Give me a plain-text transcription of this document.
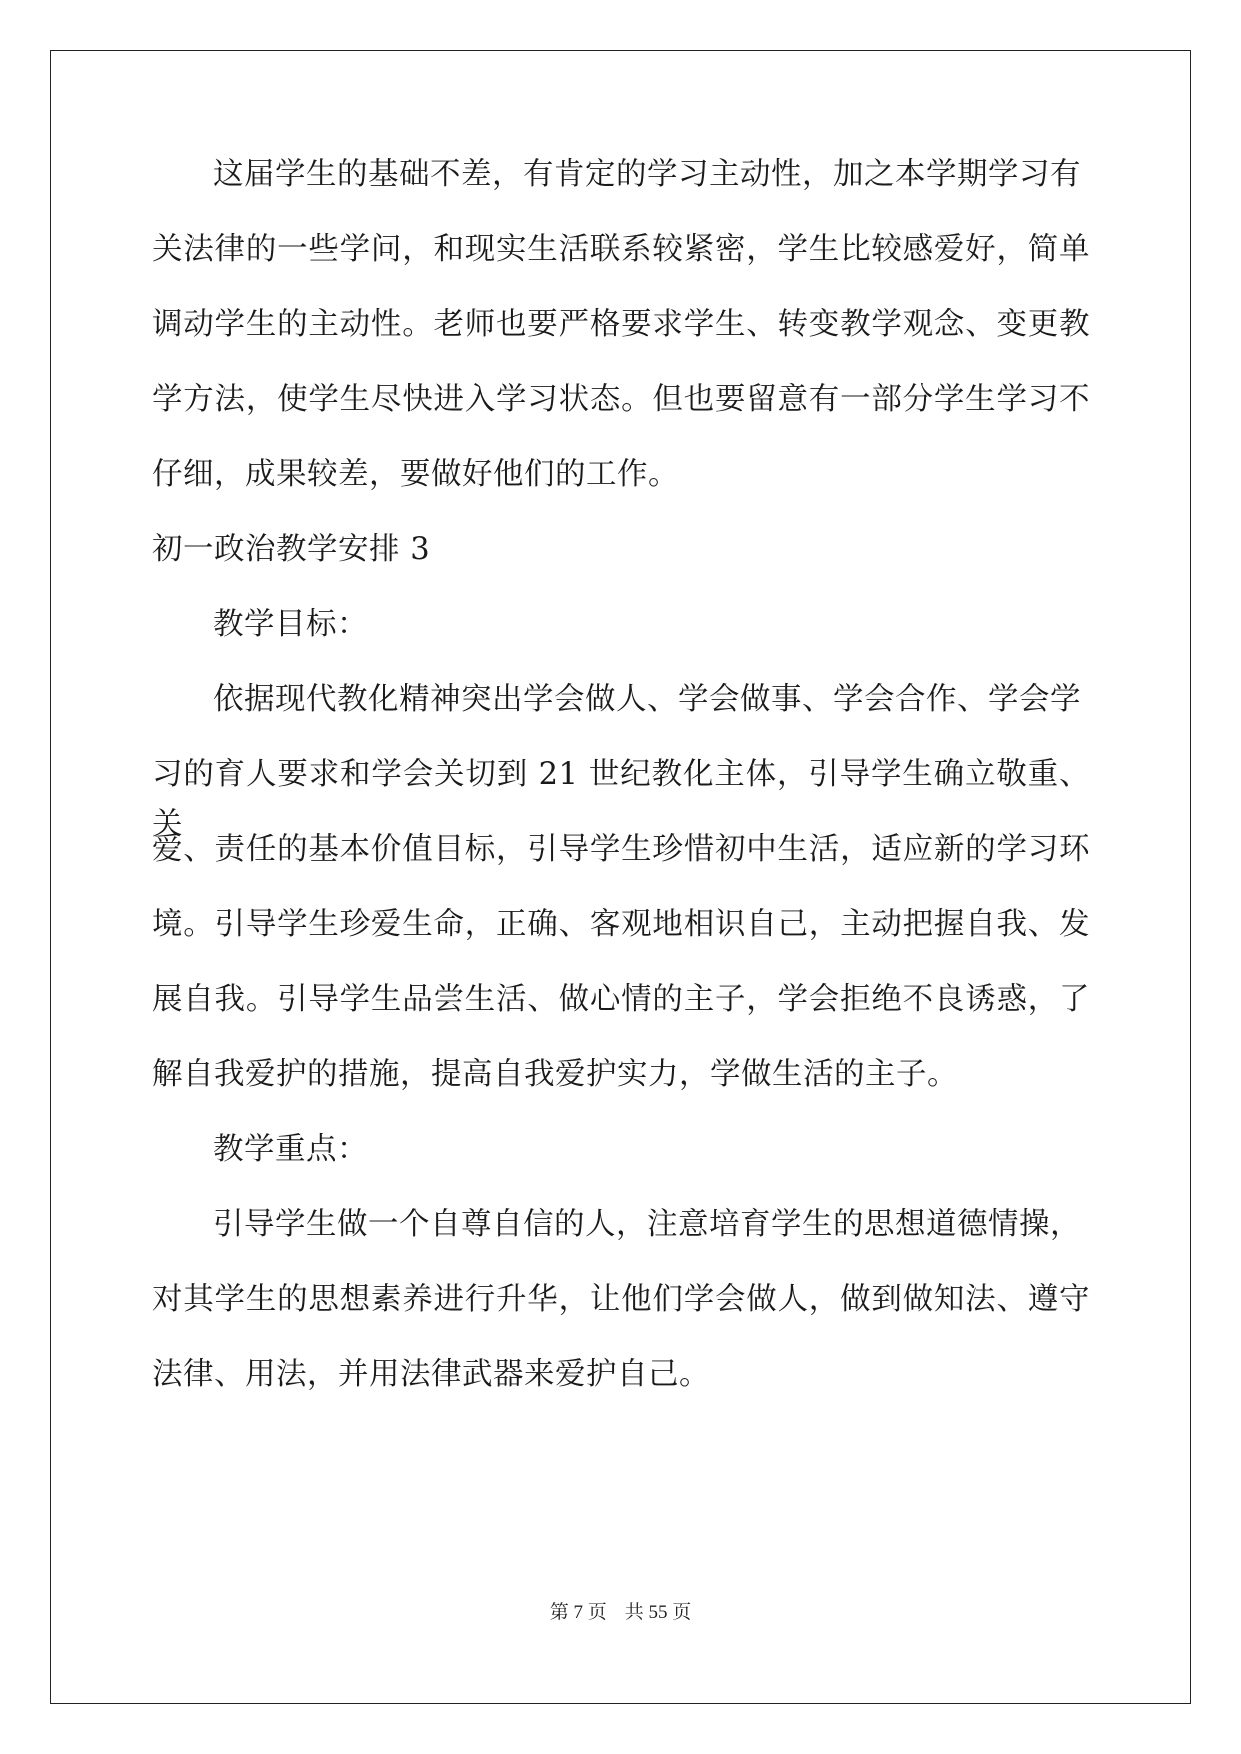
这届学生的基础不差，有肯定的学习主动性，加之本学期学习有
关法律的一些学问，和现实生活联系较紧密，学生比较感爱好，简单
调动学生的主动性。老师也要严格要求学生、转变教学观念、变更教
学方法，使学生尽快进入学习状态。但也要留意有一部分学生学习不
仔细，成果较差，要做好他们的工作。
初一政治教学安排 3
教学目标：
依据现代教化精神突出学会做人、学会做事、学会合作、学会学
习的育人要求和学会关切到 21 世纪教化主体，引导学生确立敬重、关
爱、责任的基本价值目标，引导学生珍惜初中生活，适应新的学习环
境。引导学生珍爱生命，正确、客观地相识自己，主动把握自我、发
展自我。引导学生品尝生活、做心情的主子，学会拒绝不良诱惑，了
解自我爱护的措施，提高自我爱护实力，学做生活的主子。
教学重点：
引导学生做一个自尊自信的人，注意培育学生的思想道德情操，
对其学生的思想素养进行升华，让他们学会做人，做到做知法、遵守
法律、用法，并用法律武器来爱护自己。
第 7 页 共 55 页
